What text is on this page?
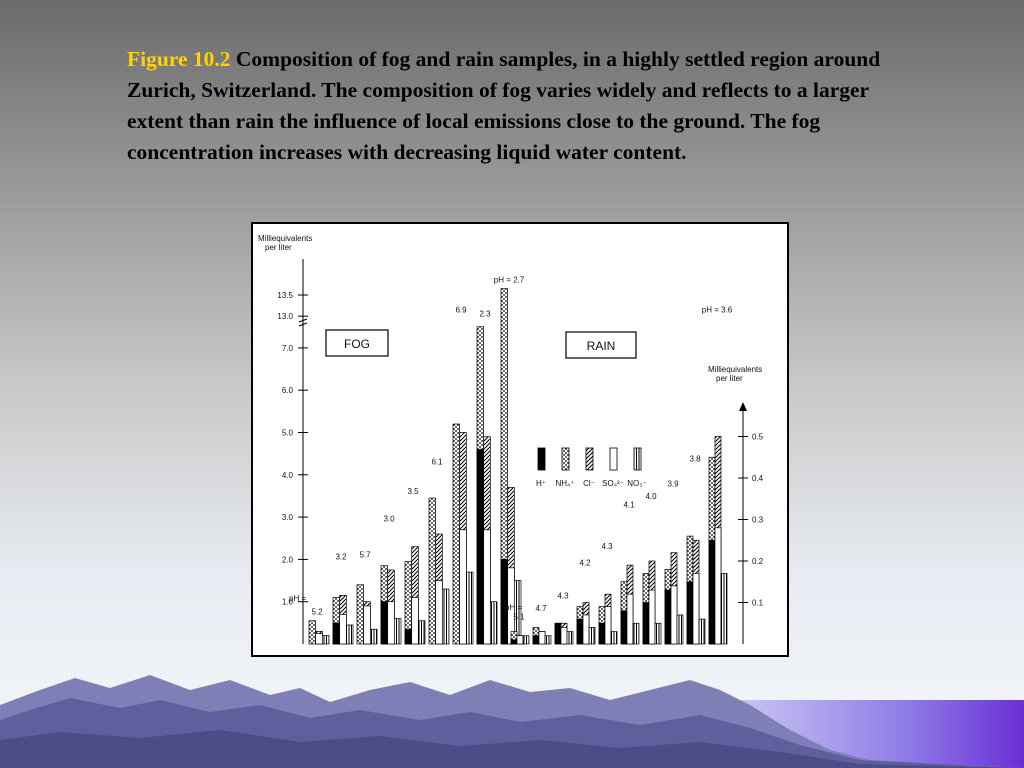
Figure 10.2 Composition of fog and rain samples, in a highly settled region around Zurich, Switzerland. The composition of fog varies widely and reflects to a larger extent than rain the influence of local emissions close to the ground. The fog concentration increases with decreasing liquid water content.
Milliequivalents per liter
1.0
2.0
3.0
4.0
5.0
6.0
7.0
13.0
13.5
Milliequivalents per liter
0.1
0.2
0.3
0.4
0.5
FOG	RAIN
H⁺ NH₄⁺ Cl⁻ SO₄²⁻ NO₃⁻
5.2
3.2 5.7
3.0
3.5
6.1
6.9 2.3
pH = 2.7
5.1
4.7
4.3
4.2
4.3
4.1
4.0
3.9
3.8
pH = 3.6
pH =
pH =
